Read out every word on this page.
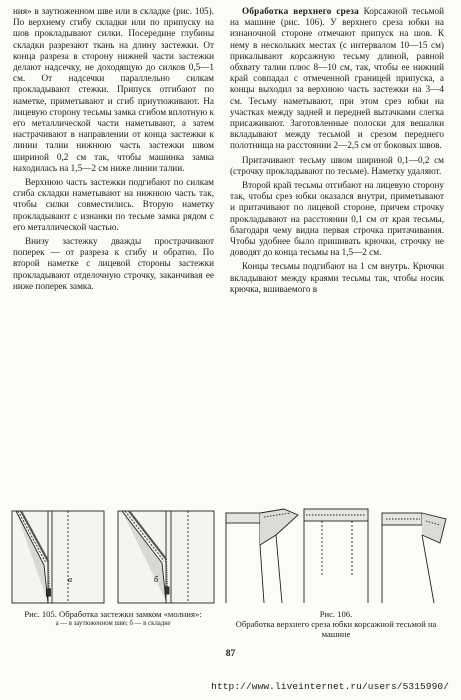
ния» в заутюженном шве или в складке (рис. 105). По верхнему сгибу складки или по припуску на шов прокладывают силки. Посередине глубины складки разрезают ткань на длину застежки. От конца разреза в сторону нижней части застежки делают надсечку, не доходящую до силков 0,5—1 см. От надсечки параллельно силкам прокладывают стежки. Припуск отгибают по наметке, приметывают и сгиб приутюживают. На лицевую сторону тесьмы замка сгибом вплотную к его металлической части наметывают, а затем настрачивают в направлении от конца застежки к линии талии нижнюю часть застежки швом шириной 0,2 см так, чтобы машинка замка находилась на 1,5—2 см ниже линии талии.

Верхнюю часть застежки подгибают по силкам сгиба складки наметывают на нижнюю часть так, чтобы силки совместились. Вторую наметку прокладывают с изнанки по тесьме замка рядом с его металлической частью.

Внизу застежку дважды прострачивают поперек — от разреза к сгибу и обратно. По второй наметке с лицевой стороны застежки прокладывают отделочную строчку, заканчивая ее ниже поперек замка.

Обработка верхнего среза Корсажной тесьмой на машине (рис. 106). У верхнего среза юбки на изнаночной стороне отмечают припуск на шов. К нему в нескольких местах (с интервалом 10—15 см) прикалывают корсажную тесьму длиной, равной обхвату талии плюс 8—10 см, так, чтобы ее нижний край совпадал с отмеченной границей припуска, а концы выходил за верхнюю часть застежки на 3—4 см. Тесьму наметывают, при этом срез юбки на участках между задней и передней вытачками слегка присаживают. Заготовленные полоски для вешалки вкладывают между тесьмой и срезом переднего полотнища на расстоянии 2—2,5 см от боковых швов.

Притачивают тесьму швом шириной 0,1—0,2 см (строчку прокладывают по тесьме). Наметку удаляют.

Второй край тесьмы отгибают на лицевую сторону так, чтобы срез юбки оказался внутри, приметывают и притачивают по лицевой стороне, причем строчку прокладывают на расстоянии 0,1 см от края тесьмы, благодаря чему видна первая строчка притачивания. Чтобы удобнее было пришивать крючки, строчку не доводят до конца тесьмы на 1,5—2 см.

Концы тесьмы подгибают на 1 см внутрь. Крючки вкладывают между краями тесьмы так, чтобы носик крючка, вшиваемого в

а	б
Рис. 105. Обработка застежки замком «молния»:
а — в заутюженном шве; б — в складке
Рис. 106.
Обработка верхнего среза юбки корсажной тесьмой на машине
87
http://www.liveinternet.ru/users/5315990/
